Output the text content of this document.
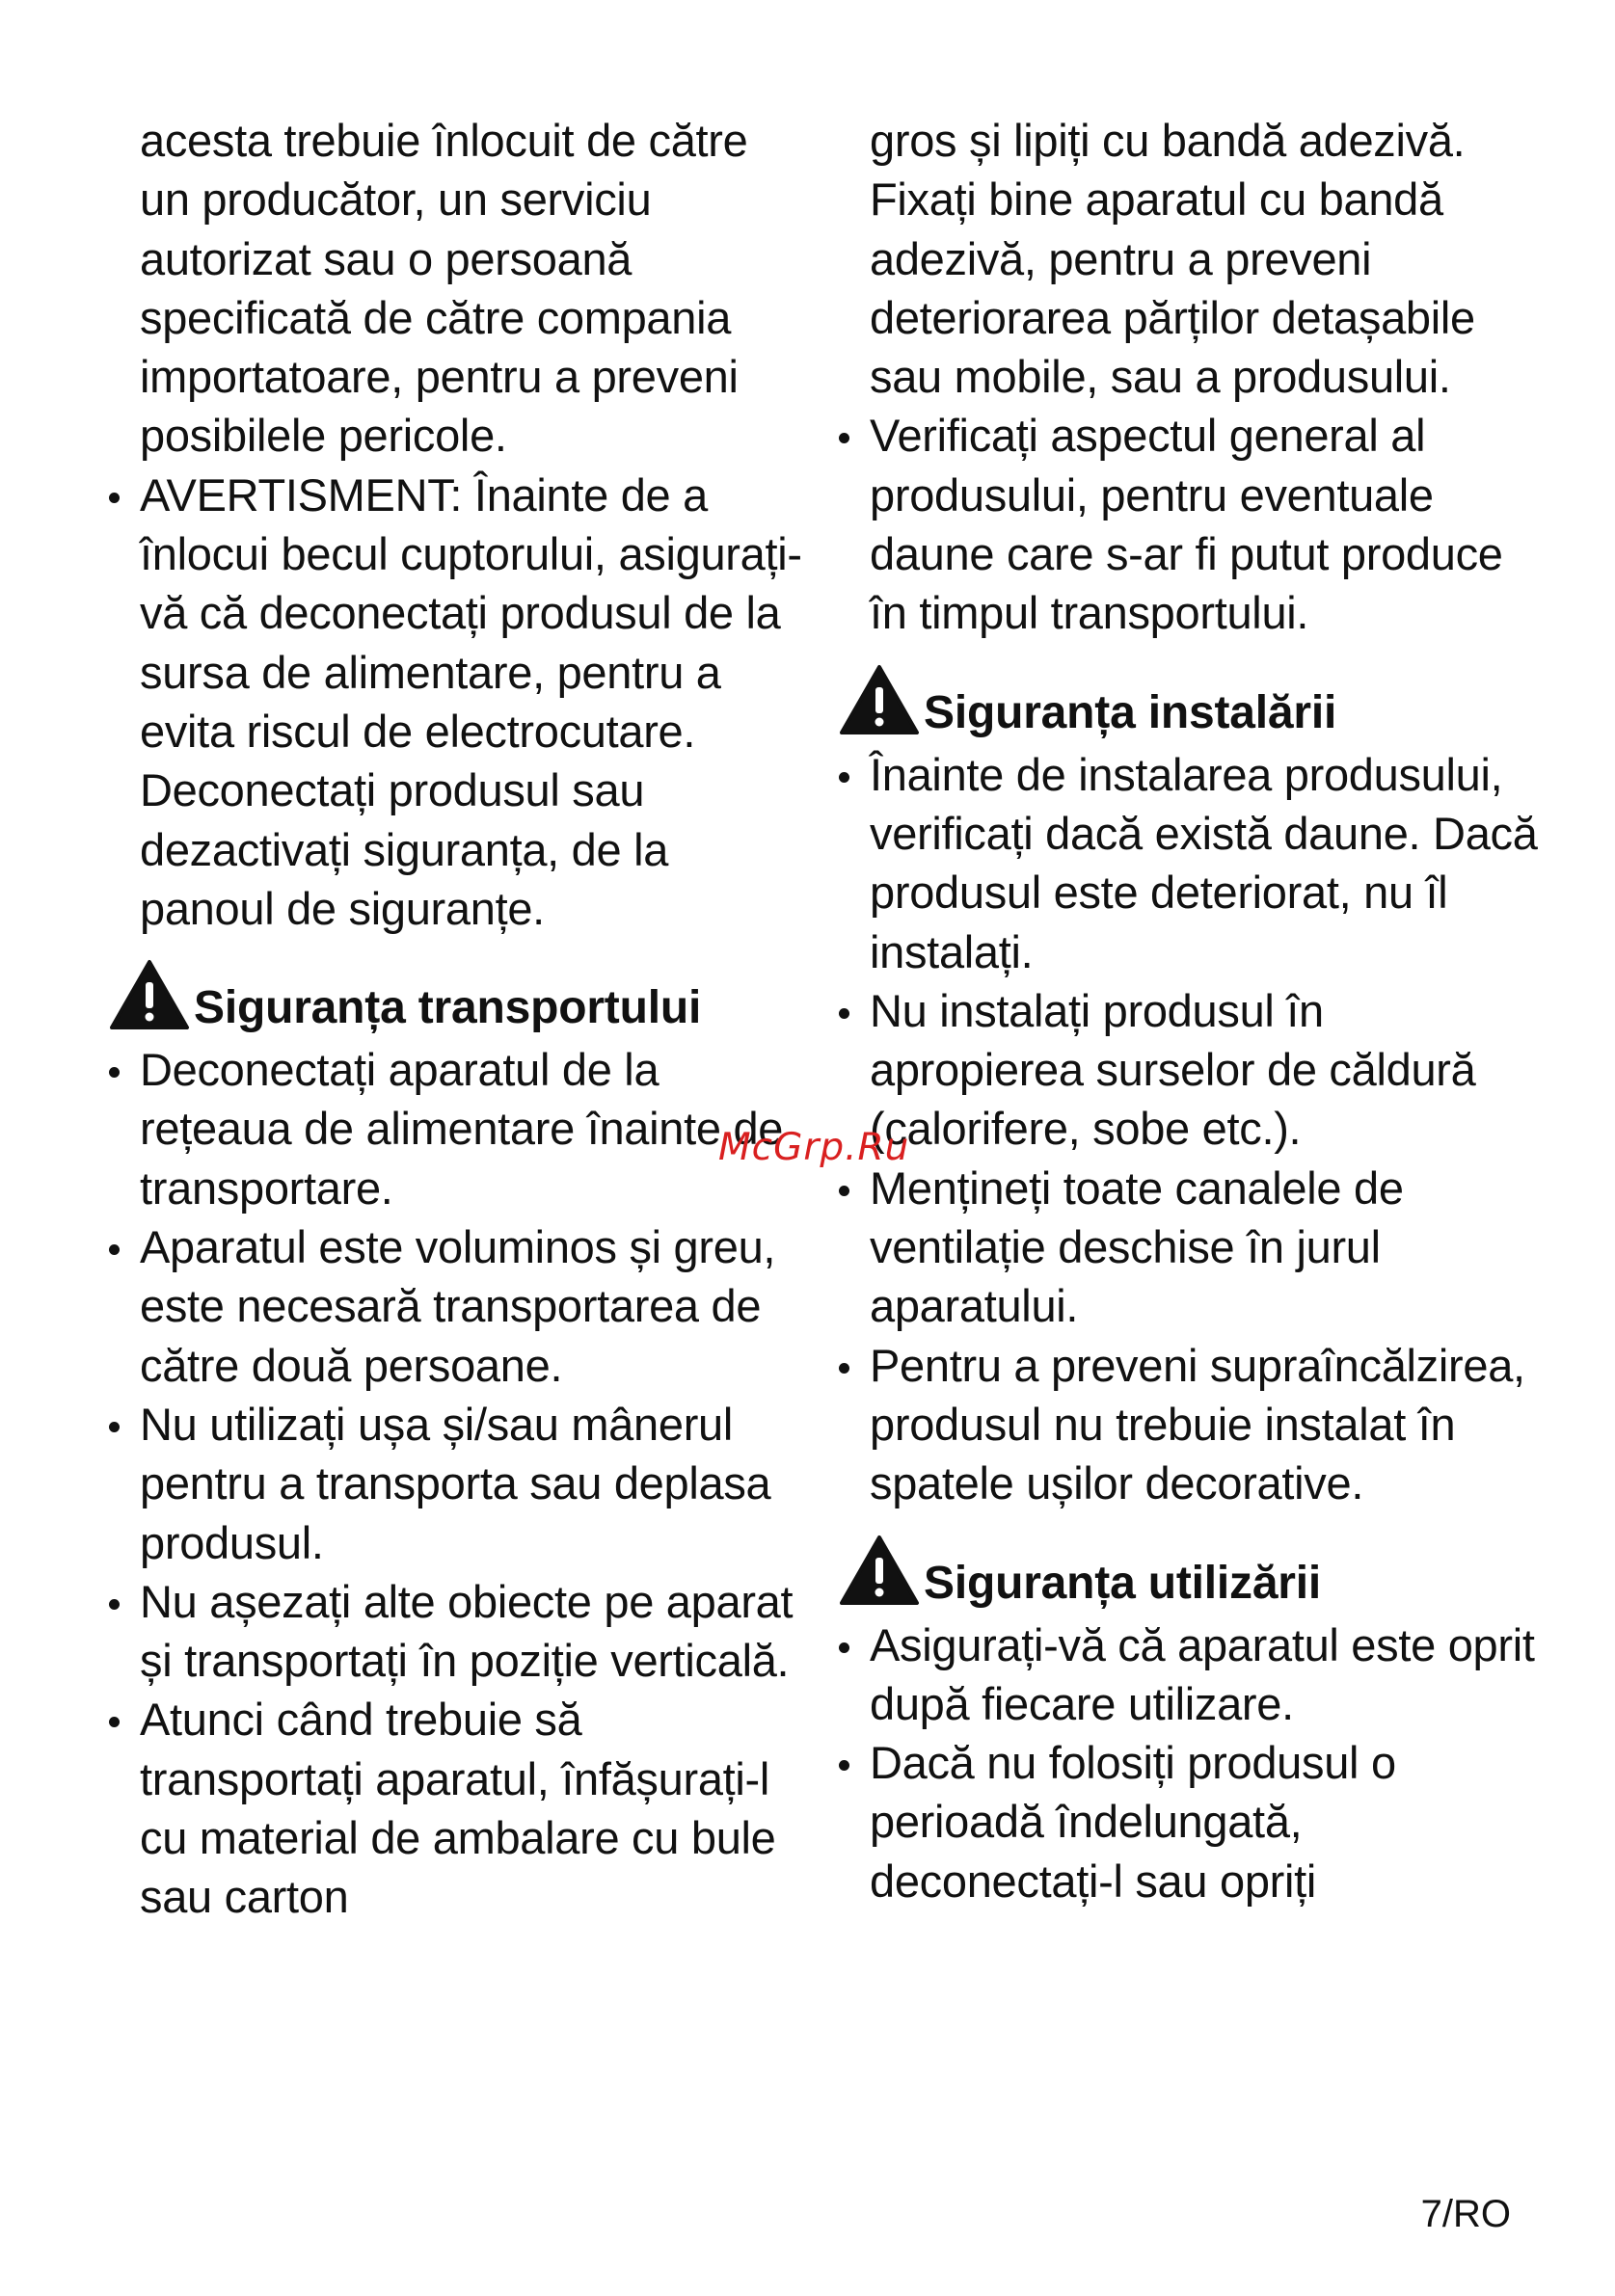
acesta trebuie înlocuit de către un producător, un serviciu autorizat sau o persoană specificată de către compania importatoare, pentru a preveni posibilele pericole.

AVERTISMENT: Înainte de a înlocui becul cuptorului, asigurați-vă că deconectați produsul de la sursa de alimentare, pentru a evita riscul de electrocutare. Deconectați produsul sau dezactivați siguranța, de la panoul de siguranțe.
Siguranța transportului
Deconectați aparatul de la rețeaua de alimentare înainte de transportare.
Aparatul este voluminos și greu, este necesară transportarea de către două persoane.
Nu utilizați ușa și/sau mânerul pentru a transporta sau deplasa produsul.
Nu așezați alte obiecte pe aparat și transportați în poziție verticală.
Atunci când trebuie să transportați aparatul, înfășurați-l cu material de ambalare cu bule sau carton

gros și lipiți cu bandă adezivă. Fixați bine aparatul cu bandă adezivă, pentru a preveni deteriorarea părților detașabile sau mobile, sau a produsului.

Verificați aspectul general al produsului, pentru eventuale daune care s-ar fi putut produce în timpul transportului.
Siguranța instalării
Înainte de instalarea produsului, verificați dacă există daune. Dacă produsul este deteriorat, nu îl instalați.
Nu instalați produsul în apropierea surselor de căldură (calorifere, sobe etc.).
Mențineți toate canalele de ventilație deschise în jurul aparatului.
Pentru a preveni supraîncălzirea, produsul nu trebuie instalat în spatele ușilor decorative.
Siguranța utilizării
Asigurați-vă că aparatul este oprit după fiecare utilizare.
Dacă nu folosiți produsul o perioadă îndelungată, deconectați-l sau opriți
McGrp.Ru
7/RO
